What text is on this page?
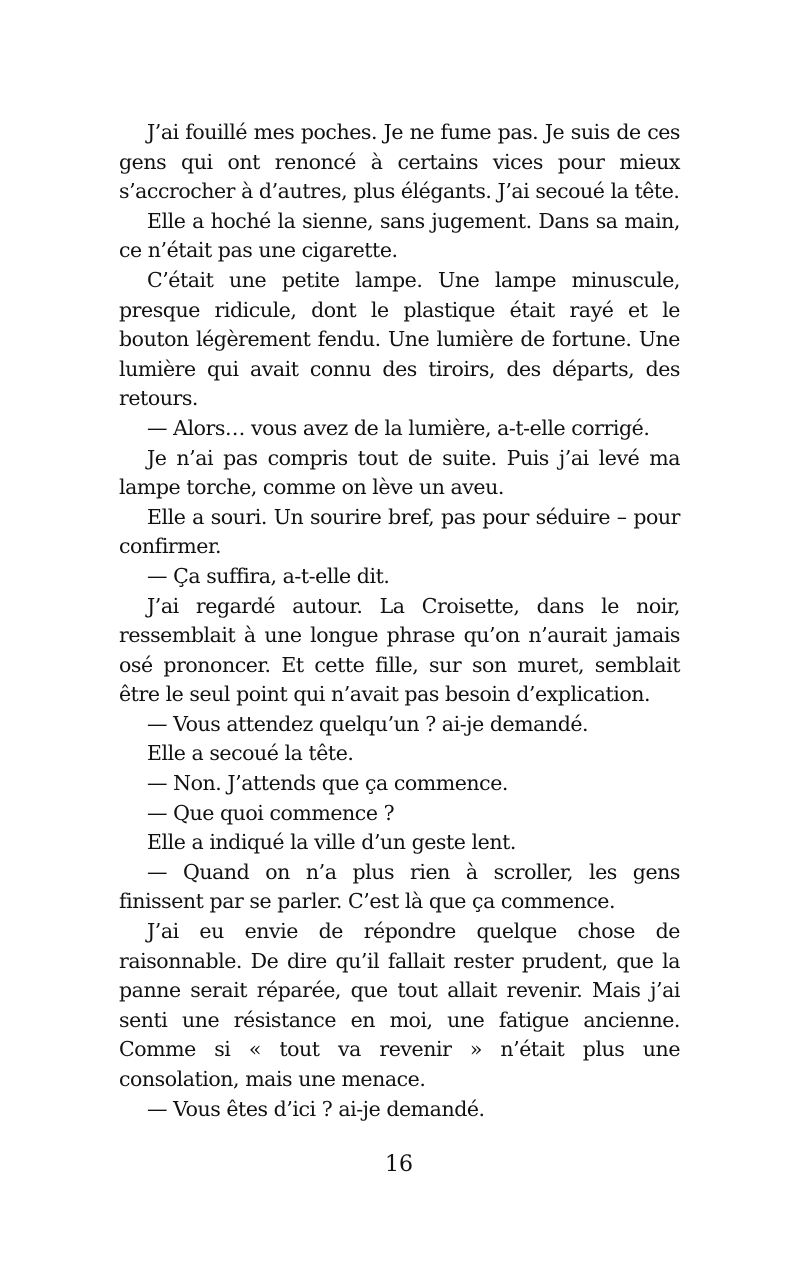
J’ai fouillé mes poches. Je ne fume pas. Je suis de ces gens qui ont renoncé à certains vices pour mieux s’accrocher à d’autres, plus élégants. J’ai secoué la tête.

Elle a hoché la sienne, sans jugement. Dans sa main, ce n’était pas une cigarette.

C’était une petite lampe. Une lampe minuscule, presque ridicule, dont le plastique était rayé et le bouton légèrement fendu. Une lumière de fortune. Une lumière qui avait connu des tiroirs, des départs, des retours.

— Alors… vous avez de la lumière, a-t-elle corrigé.

Je n’ai pas compris tout de suite. Puis j’ai levé ma lampe torche, comme on lève un aveu.

Elle a souri. Un sourire bref, pas pour séduire – pour confirmer.

— Ça suffira, a-t-elle dit.

J’ai regardé autour. La Croisette, dans le noir, ressemblait à une longue phrase qu’on n’aurait jamais osé prononcer. Et cette fille, sur son muret, semblait être le seul point qui n’avait pas besoin d’explication.

— Vous attendez quelqu’un ? ai-je demandé.

Elle a secoué la tête.

— Non. J’attends que ça commence.

— Que quoi commence ?

Elle a indiqué la ville d’un geste lent.

— Quand on n’a plus rien à scroller, les gens finissent par se parler. C’est là que ça commence.

J’ai eu envie de répondre quelque chose de raisonnable. De dire qu’il fallait rester prudent, que la panne serait réparée, que tout allait revenir. Mais j’ai senti une résistance en moi, une fatigue ancienne. Comme si « tout va revenir » n’était plus une consolation, mais une menace.

— Vous êtes d’ici ? ai-je demandé.

16
